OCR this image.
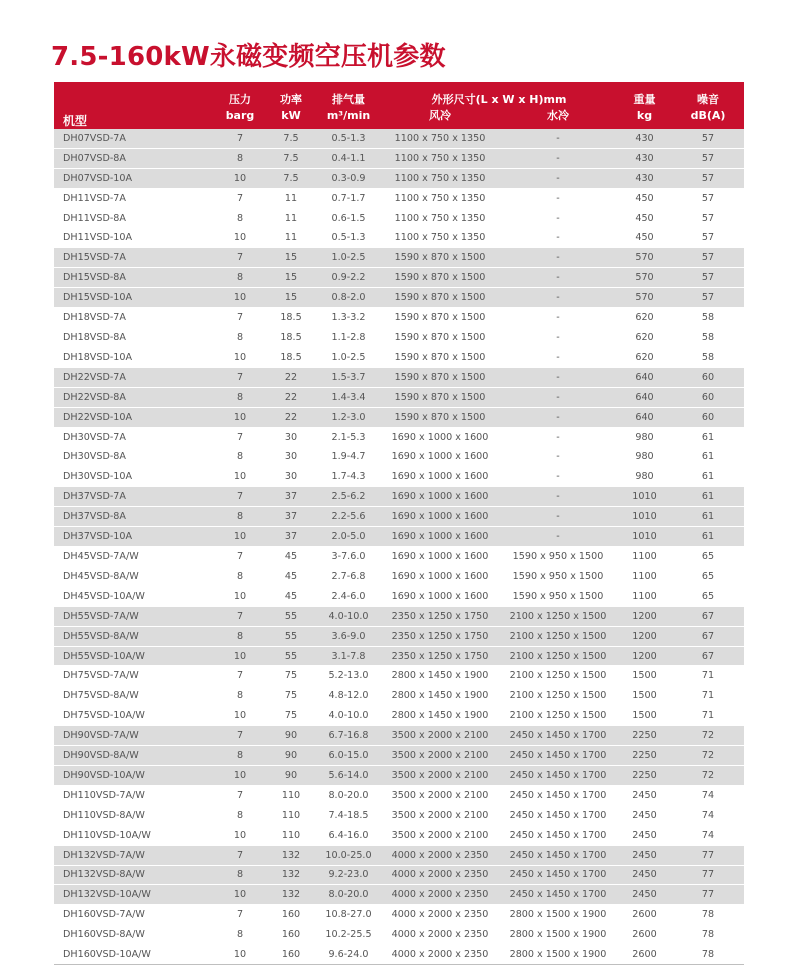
7.5-160kW永磁变频空压机参数
机型	压力	功率	排气量	外形尺寸(L x W x H)mm		重量	噪音
	barg	kW	m³/min	风冷	水冷	kg	dB(A)
DH07VSD-7A	7	7.5	0.5-1.3	1100 x 750 x 1350	-	430	57
DH07VSD-8A	8	7.5	0.4-1.1	1100 x 750 x 1350	-	430	57
DH07VSD-10A	10	7.5	0.3-0.9	1100 x 750 x 1350	-	430	57
DH11VSD-7A	7	11	0.7-1.7	1100 x 750 x 1350	-	450	57
DH11VSD-8A	8	11	0.6-1.5	1100 x 750 x 1350	-	450	57
DH11VSD-10A	10	11	0.5-1.3	1100 x 750 x 1350	-	450	57
DH15VSD-7A	7	15	1.0-2.5	1590 x 870 x 1500	-	570	57
DH15VSD-8A	8	15	0.9-2.2	1590 x 870 x 1500	-	570	57
DH15VSD-10A	10	15	0.8-2.0	1590 x 870 x 1500	-	570	57
DH18VSD-7A	7	18.5	1.3-3.2	1590 x 870 x 1500	-	620	58
DH18VSD-8A	8	18.5	1.1-2.8	1590 x 870 x 1500	-	620	58
DH18VSD-10A	10	18.5	1.0-2.5	1590 x 870 x 1500	-	620	58
DH22VSD-7A	7	22	1.5-3.7	1590 x 870 x 1500	-	640	60
DH22VSD-8A	8	22	1.4-3.4	1590 x 870 x 1500	-	640	60
DH22VSD-10A	10	22	1.2-3.0	1590 x 870 x 1500	-	640	60
DH30VSD-7A	7	30	2.1-5.3	1690 x 1000 x 1600	-	980	61
DH30VSD-8A	8	30	1.9-4.7	1690 x 1000 x 1600	-	980	61
DH30VSD-10A	10	30	1.7-4.3	1690 x 1000 x 1600	-	980	61
DH37VSD-7A	7	37	2.5-6.2	1690 x 1000 x 1600	-	1010	61
DH37VSD-8A	8	37	2.2-5.6	1690 x 1000 x 1600	-	1010	61
DH37VSD-10A	10	37	2.0-5.0	1690 x 1000 x 1600	-	1010	61
DH45VSD-7A/W	7	45	3-7.6.0	1690 x 1000 x 1600	1590 x 950 x 1500	1100	65
DH45VSD-8A/W	8	45	2.7-6.8	1690 x 1000 x 1600	1590 x 950 x 1500	1100	65
DH45VSD-10A/W	10	45	2.4-6.0	1690 x 1000 x 1600	1590 x 950 x 1500	1100	65
DH55VSD-7A/W	7	55	4.0-10.0	2350 x 1250 x 1750	2100 x 1250 x 1500	1200	67
DH55VSD-8A/W	8	55	3.6-9.0	2350 x 1250 x 1750	2100 x 1250 x 1500	1200	67
DH55VSD-10A/W	10	55	3.1-7.8	2350 x 1250 x 1750	2100 x 1250 x 1500	1200	67
DH75VSD-7A/W	7	75	5.2-13.0	2800 x 1450 x 1900	2100 x 1250 x 1500	1500	71
DH75VSD-8A/W	8	75	4.8-12.0	2800 x 1450 x 1900	2100 x 1250 x 1500	1500	71
DH75VSD-10A/W	10	75	4.0-10.0	2800 x 1450 x 1900	2100 x 1250 x 1500	1500	71
DH90VSD-7A/W	7	90	6.7-16.8	3500 x 2000 x 2100	2450 x 1450 x 1700	2250	72
DH90VSD-8A/W	8	90	6.0-15.0	3500 x 2000 x 2100	2450 x 1450 x 1700	2250	72
DH90VSD-10A/W	10	90	5.6-14.0	3500 x 2000 x 2100	2450 x 1450 x 1700	2250	72
DH110VSD-7A/W	7	110	8.0-20.0	3500 x 2000 x 2100	2450 x 1450 x 1700	2450	74
DH110VSD-8A/W	8	110	7.4-18.5	3500 x 2000 x 2100	2450 x 1450 x 1700	2450	74
DH110VSD-10A/W	10	110	6.4-16.0	3500 x 2000 x 2100	2450 x 1450 x 1700	2450	74
DH132VSD-7A/W	7	132	10.0-25.0	4000 x 2000 x 2350	2450 x 1450 x 1700	2450	77
DH132VSD-8A/W	8	132	9.2-23.0	4000 x 2000 x 2350	2450 x 1450 x 1700	2450	77
DH132VSD-10A/W	10	132	8.0-20.0	4000 x 2000 x 2350	2450 x 1450 x 1700	2450	77
DH160VSD-7A/W	7	160	10.8-27.0	4000 x 2000 x 2350	2800 x 1500 x 1900	2600	78
DH160VSD-8A/W	8	160	10.2-25.5	4000 x 2000 x 2350	2800 x 1500 x 1900	2600	78
DH160VSD-10A/W	10	160	9.6-24.0	4000 x 2000 x 2350	2800 x 1500 x 1900	2600	78
